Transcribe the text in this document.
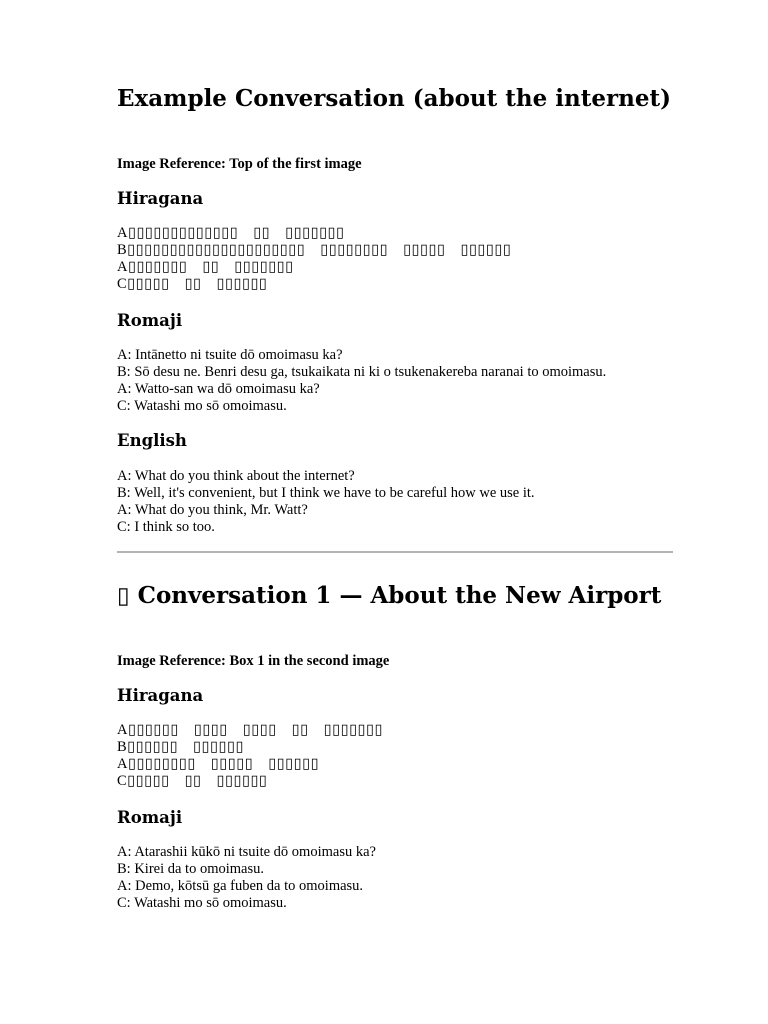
Example Conversation (about the internet)

Image Reference: Top of the first image

Hiragana
A▯▯▯▯▯▯▯▯▯▯▯▯▯　▯▯　▯▯▯▯▯▯▯
B▯▯▯▯▯▯▯▯▯▯▯▯▯▯▯▯▯▯▯▯▯　▯▯▯▯▯▯▯▯　▯▯▯▯▯　▯▯▯▯▯▯
A▯▯▯▯▯▯▯　▯▯　▯▯▯▯▯▯▯
C▯▯▯▯▯　▯▯　▯▯▯▯▯▯
Romaji
A: Intānetto ni tsuite dō omoimasu ka?
B: Sō desu ne. Benri desu ga, tsukaikata ni ki o tsukenakereba naranai to omoimasu.
A: Watto-san wa dō omoimasu ka?
C: Watashi mo sō omoimasu.
English
A: What do you think about the internet?
B: Well, it's convenient, but I think we have to be careful how we use it.
A: What do you think, Mr. Watt?
C: I think so too.
▯ Conversation 1 — About the New Airport

Image Reference: Box 1 in the second image

Hiragana
A▯▯▯▯▯▯　▯▯▯▯　▯▯▯▯　▯▯　▯▯▯▯▯▯▯
B▯▯▯▯▯▯　▯▯▯▯▯▯
A▯▯▯▯▯▯▯▯　▯▯▯▯▯　▯▯▯▯▯▯
C▯▯▯▯▯　▯▯　▯▯▯▯▯▯
Romaji
A: Atarashii kūkō ni tsuite dō omoimasu ka?
B: Kirei da to omoimasu.
A: Demo, kōtsū ga fuben da to omoimasu.
C: Watashi mo sō omoimasu.
